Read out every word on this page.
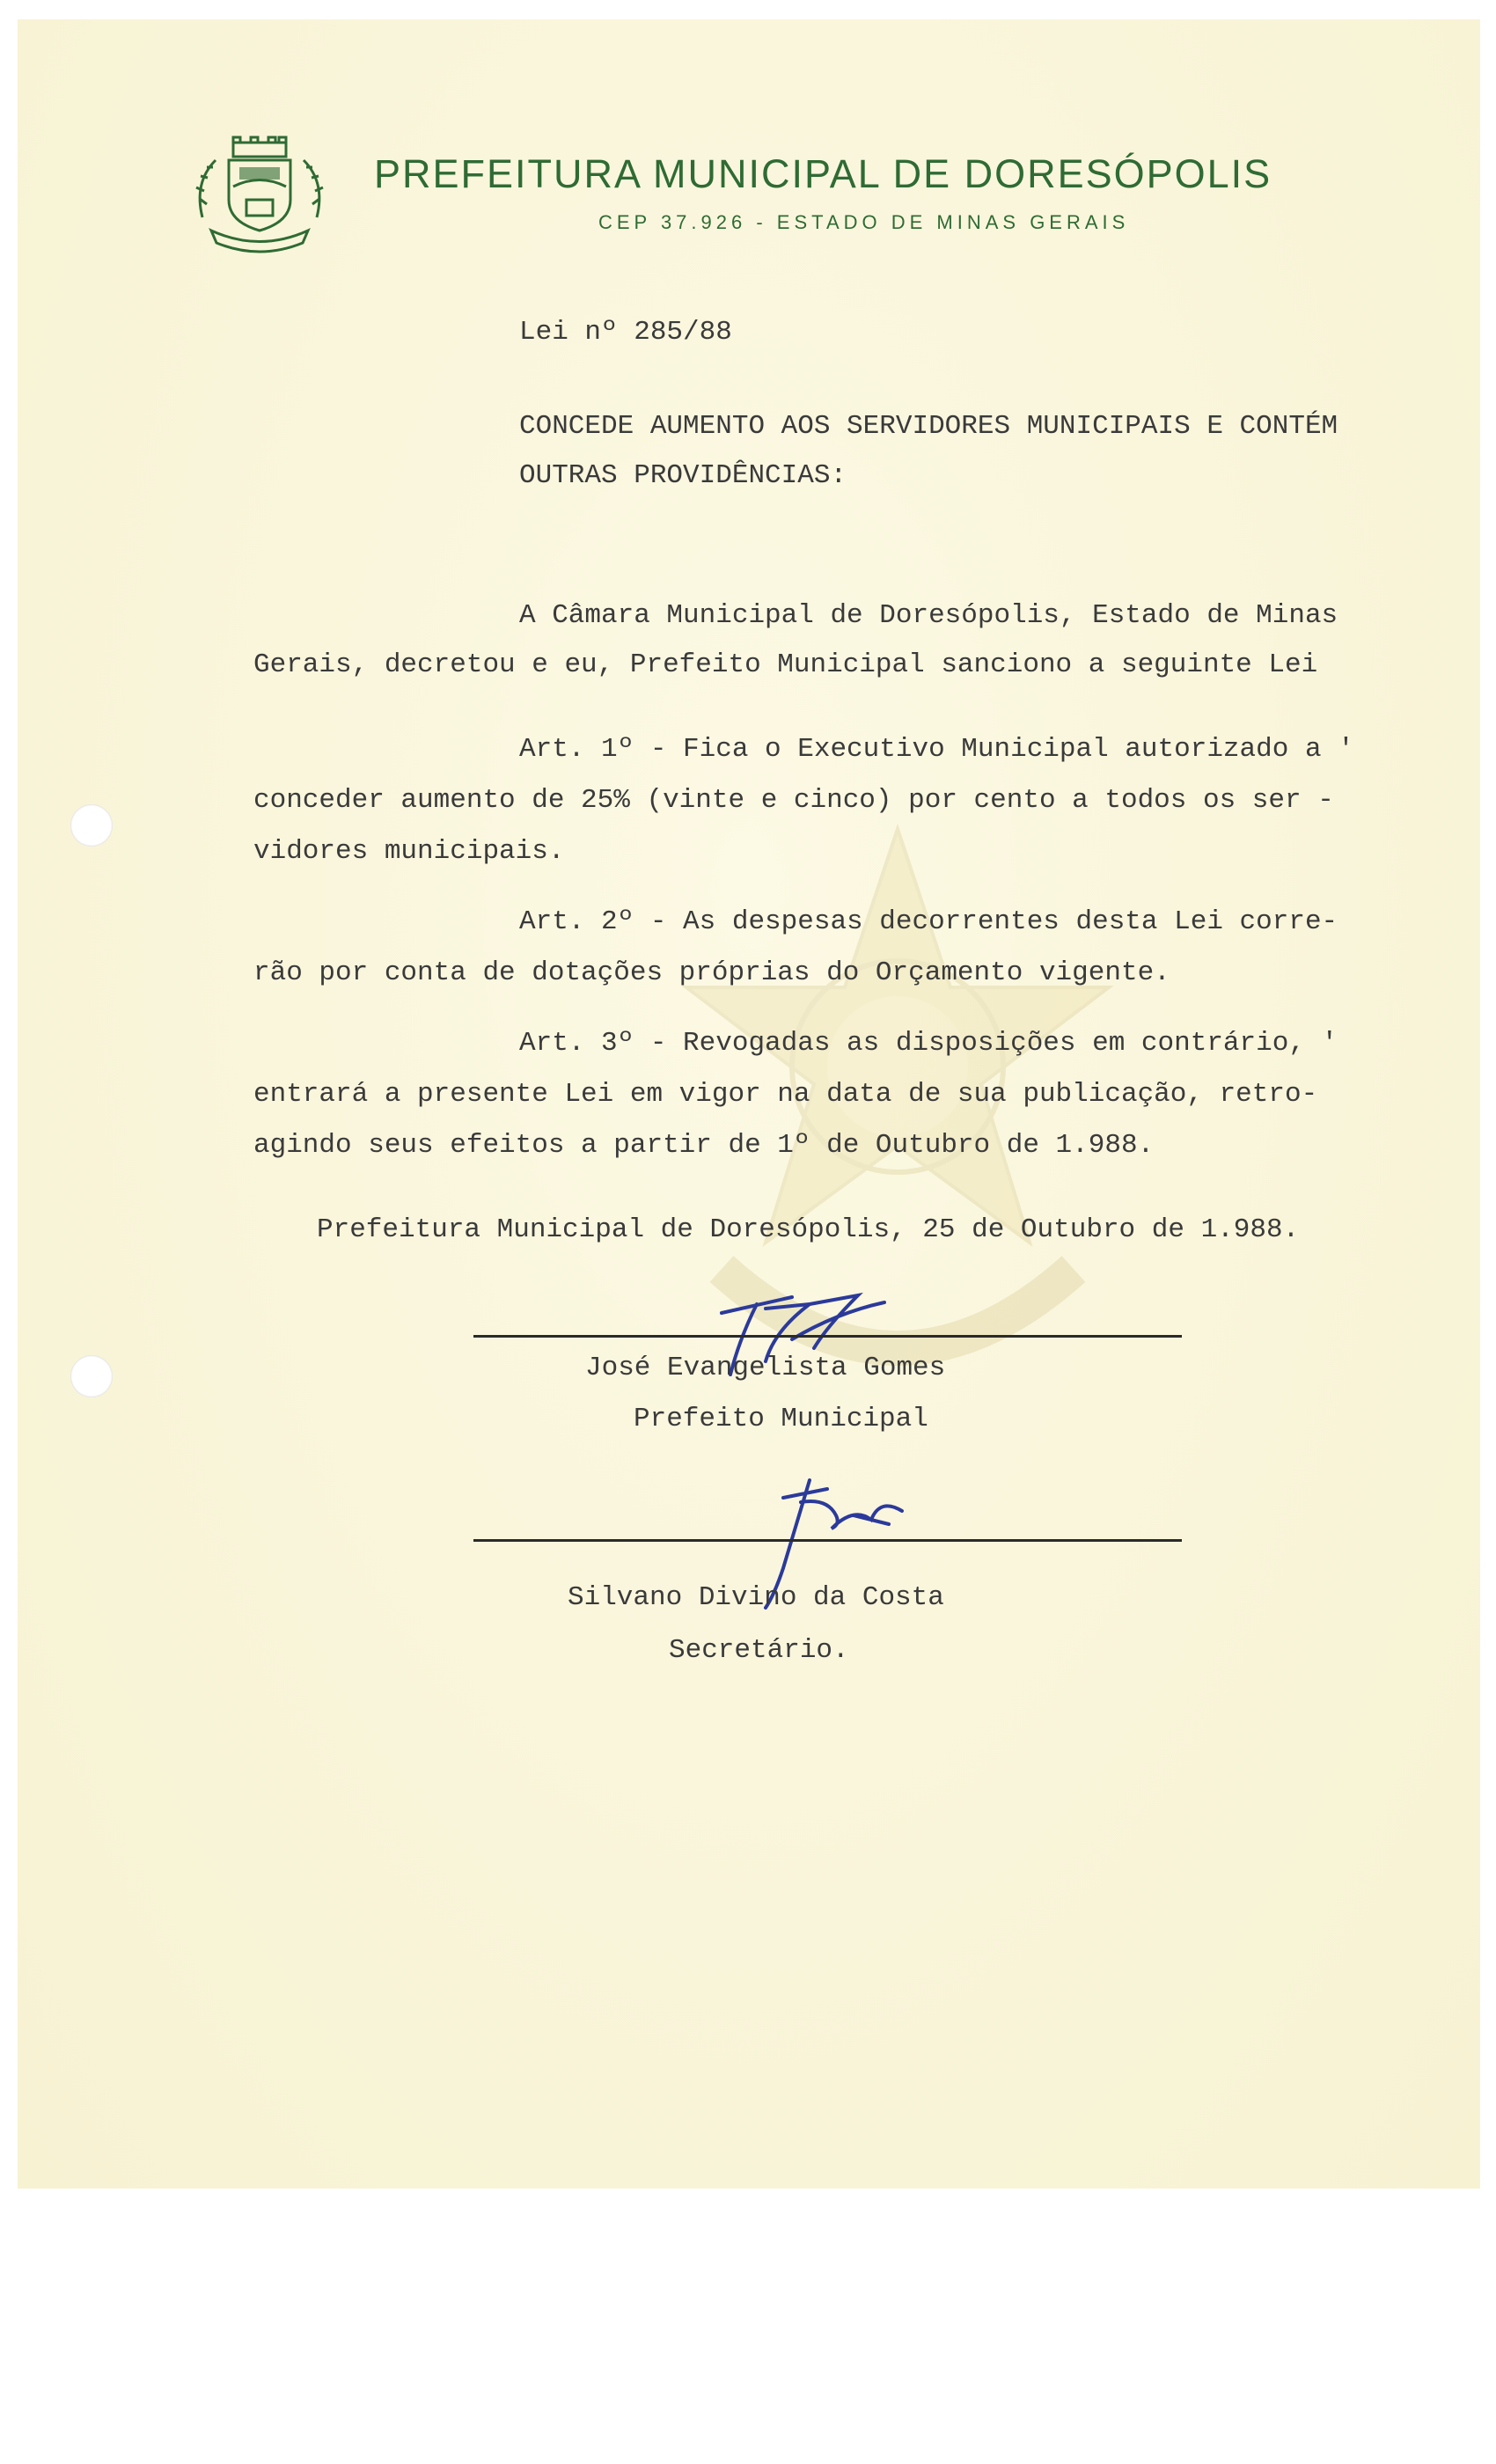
PREFEITURA MUNICIPAL DE DORESÓPOLIS
CEP 37.926 - ESTADO DE MINAS GERAIS
Lei nº 285/88
CONCEDE AUMENTO AOS SERVIDORES MUNICIPAIS E CONTÉM
OUTRAS PROVIDÊNCIAS:
A Câmara Municipal de Doresópolis, Estado de Minas
Gerais, decretou e eu, Prefeito Municipal sanciono a seguinte Lei
Art. 1º - Fica o Executivo Municipal autorizado a '
conceder aumento de 25% (vinte e cinco) por cento a todos os ser -
vidores municipais.
Art. 2º - As despesas decorrentes desta Lei corre-
rão por conta de dotações próprias do Orçamento vigente.
Art. 3º - Revogadas as disposições em contrário, '
entrará a presente Lei em vigor na data de sua publicação, retro-
agindo seus efeitos a partir de 1º de Outubro de 1.988.
Prefeitura Municipal de Doresópolis, 25 de Outubro de 1.988.
José Evangelista Gomes
Prefeito Municipal
Silvano Divino da Costa
Secretário.
